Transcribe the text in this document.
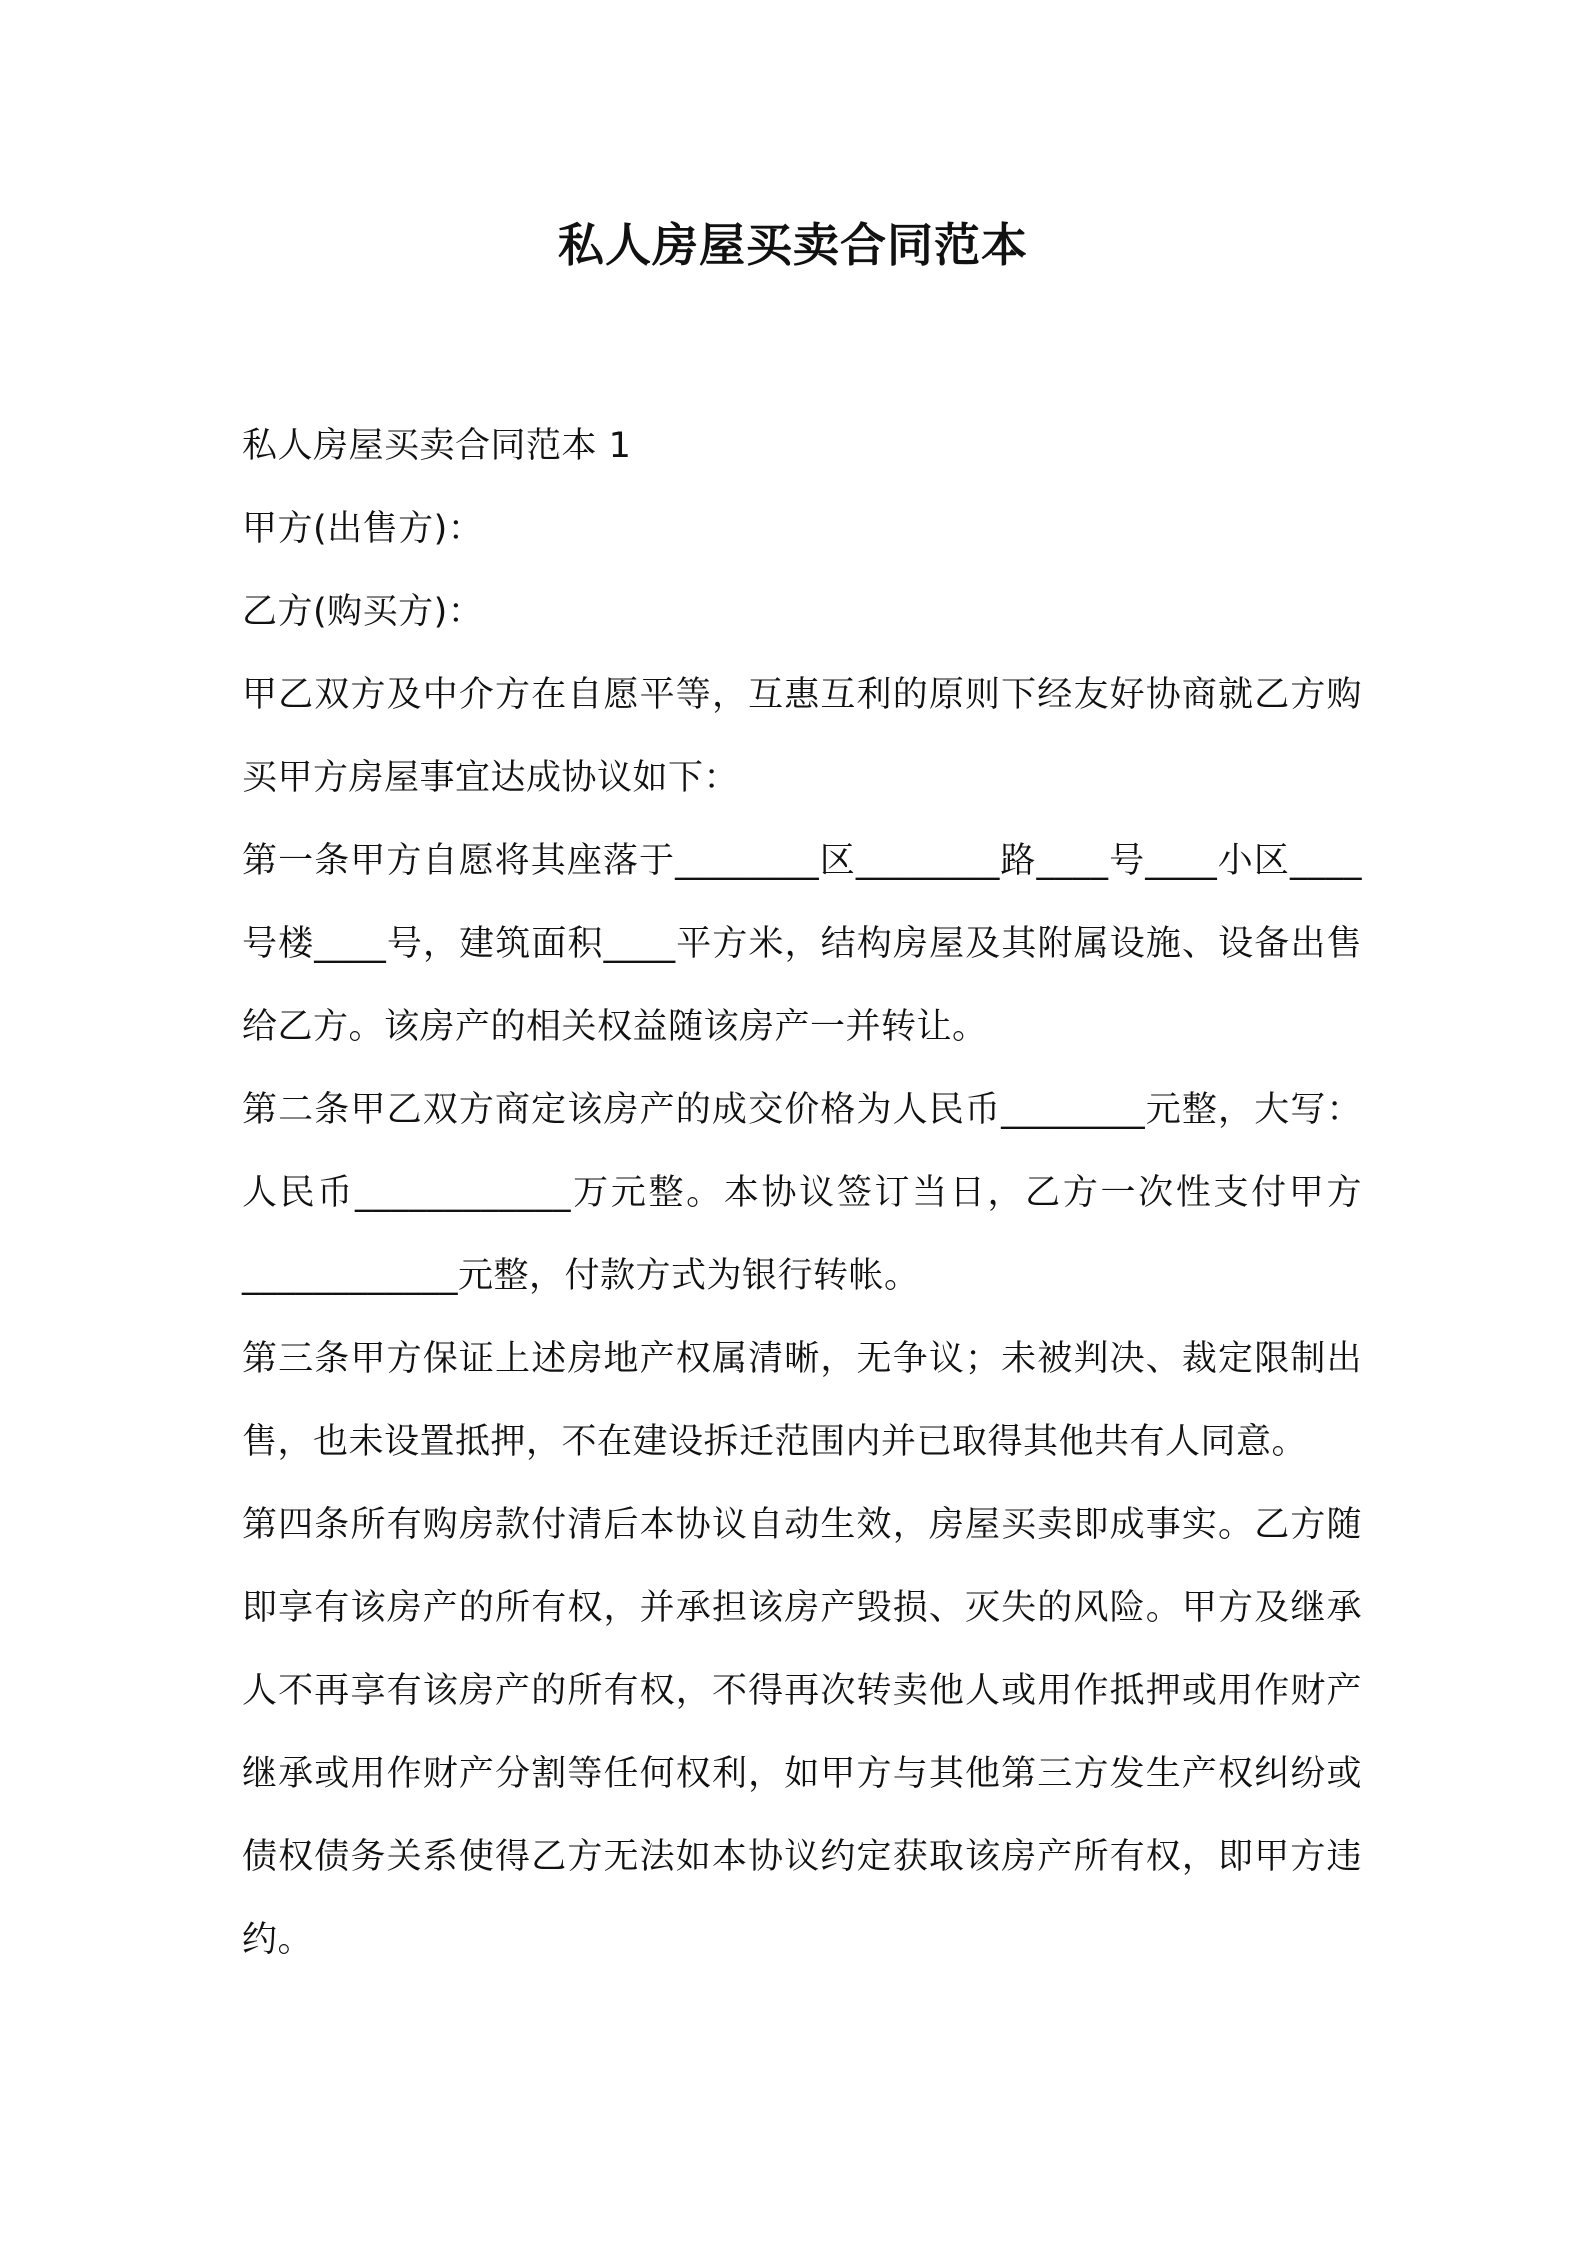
私人房屋买卖合同范本

私人房屋买卖合同范本 1

甲方(出售方)：

乙方(购买方)：

甲乙双方及中介方在自愿平等，互惠互利的原则下经友好协商就乙方购买甲方房屋事宜达成协议如下：

第一条甲方自愿将其座落于________区________路____号____小区____号楼____号，建筑面积____平方米，结构房屋及其附属设施、设备出售给乙方。该房产的相关权益随该房产一并转让。

第二条甲乙双方商定该房产的成交价格为人民币________元整，大写：人民币____________万元整。本协议签订当日，乙方一次性支付甲方____________元整，付款方式为银行转帐。

第三条甲方保证上述房地产权属清晰，无争议；未被判决、裁定限制出售，也未设置抵押，不在建设拆迁范围内并已取得其他共有人同意。

第四条所有购房款付清后本协议自动生效，房屋买卖即成事实。乙方随即享有该房产的所有权，并承担该房产毁损、灭失的风险。甲方及继承人不再享有该房产的所有权，不得再次转卖他人或用作抵押或用作财产继承或用作财产分割等任何权利，如甲方与其他第三方发生产权纠纷或债权债务关系使得乙方无法如本协议约定获取该房产所有权，即甲方违约。
